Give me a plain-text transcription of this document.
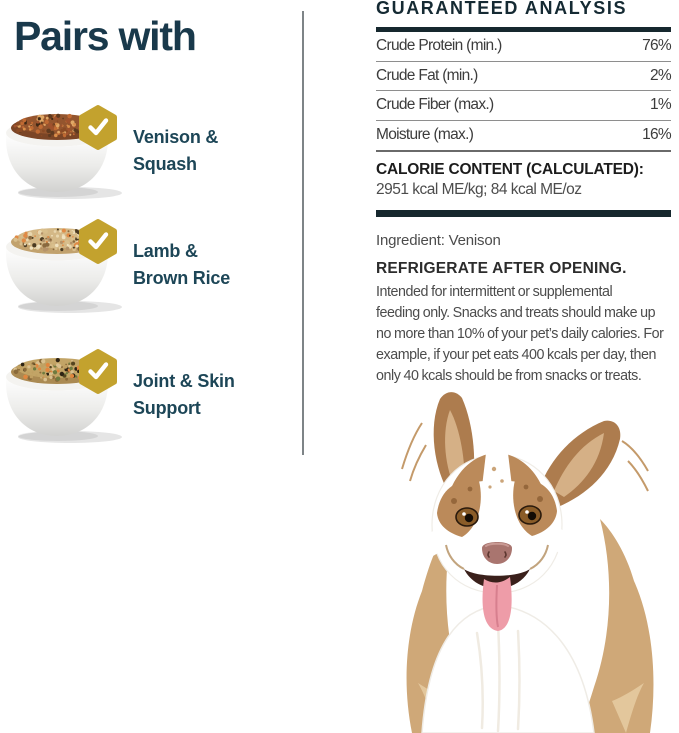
Pairs with
Venison &
Squash
Lamb &
Brown Rice
Joint & Skin
Support
GUARANTEED ANALYSIS
Crude Protein (min.)	76%
Crude Fat (min.)	2%
Crude Fiber (max.)	1%
Moisture (max.)	16%
CALORIE CONTENT (CALCULATED):
2951 kcal ME/kg; 84 kcal ME/oz
Ingredient: Venison
REFRIGERATE AFTER OPENING.
Intended for intermittent or supplemental
feeding only. Snacks and treats should make up
no more than 10% of your pet’s daily calories. For
example, if your pet eats 400 kcals per day, then
only 40 kcals should be from snacks or treats.
